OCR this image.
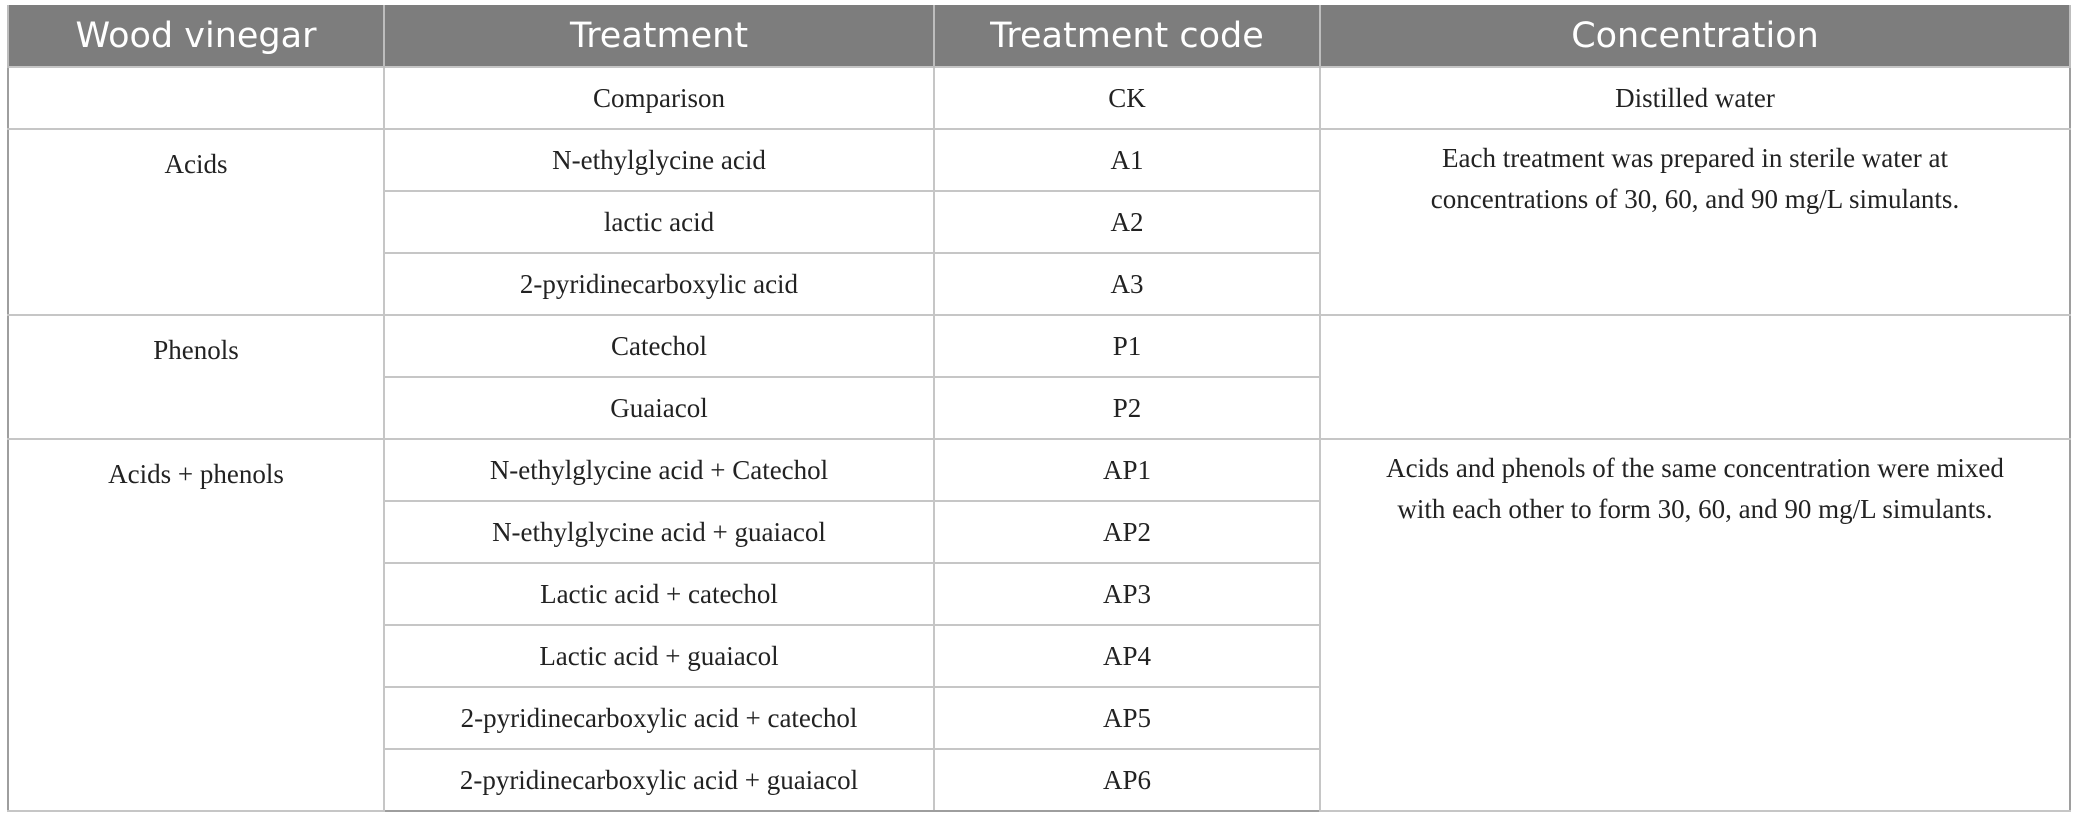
Wood vinegar	Treatment	Treatment code	Concentration
	Comparison	CK	Distilled water
Acids	N-ethylglycine acid	A1	Each treatment was prepared in sterile water at
concentrations of 30, 60, and 90 mg/L simulants.

	lactic acid	A2	
	2-pyridinecarboxylic acid	A3	
Phenols	Catechol	P1	
	Guaiacol	P2	
Acids + phenols	N-ethylglycine acid + Catechol	AP1	Acids and phenols of the same concentration were mixed
with each other to form 30, 60, and 90 mg/L simulants.

	N-ethylglycine acid + guaiacol	AP2	
	Lactic acid + catechol	AP3	
	Lactic acid + guaiacol	AP4	
	2-pyridinecarboxylic acid + catechol	AP5	
	2-pyridinecarboxylic acid + guaiacol	AP6	
